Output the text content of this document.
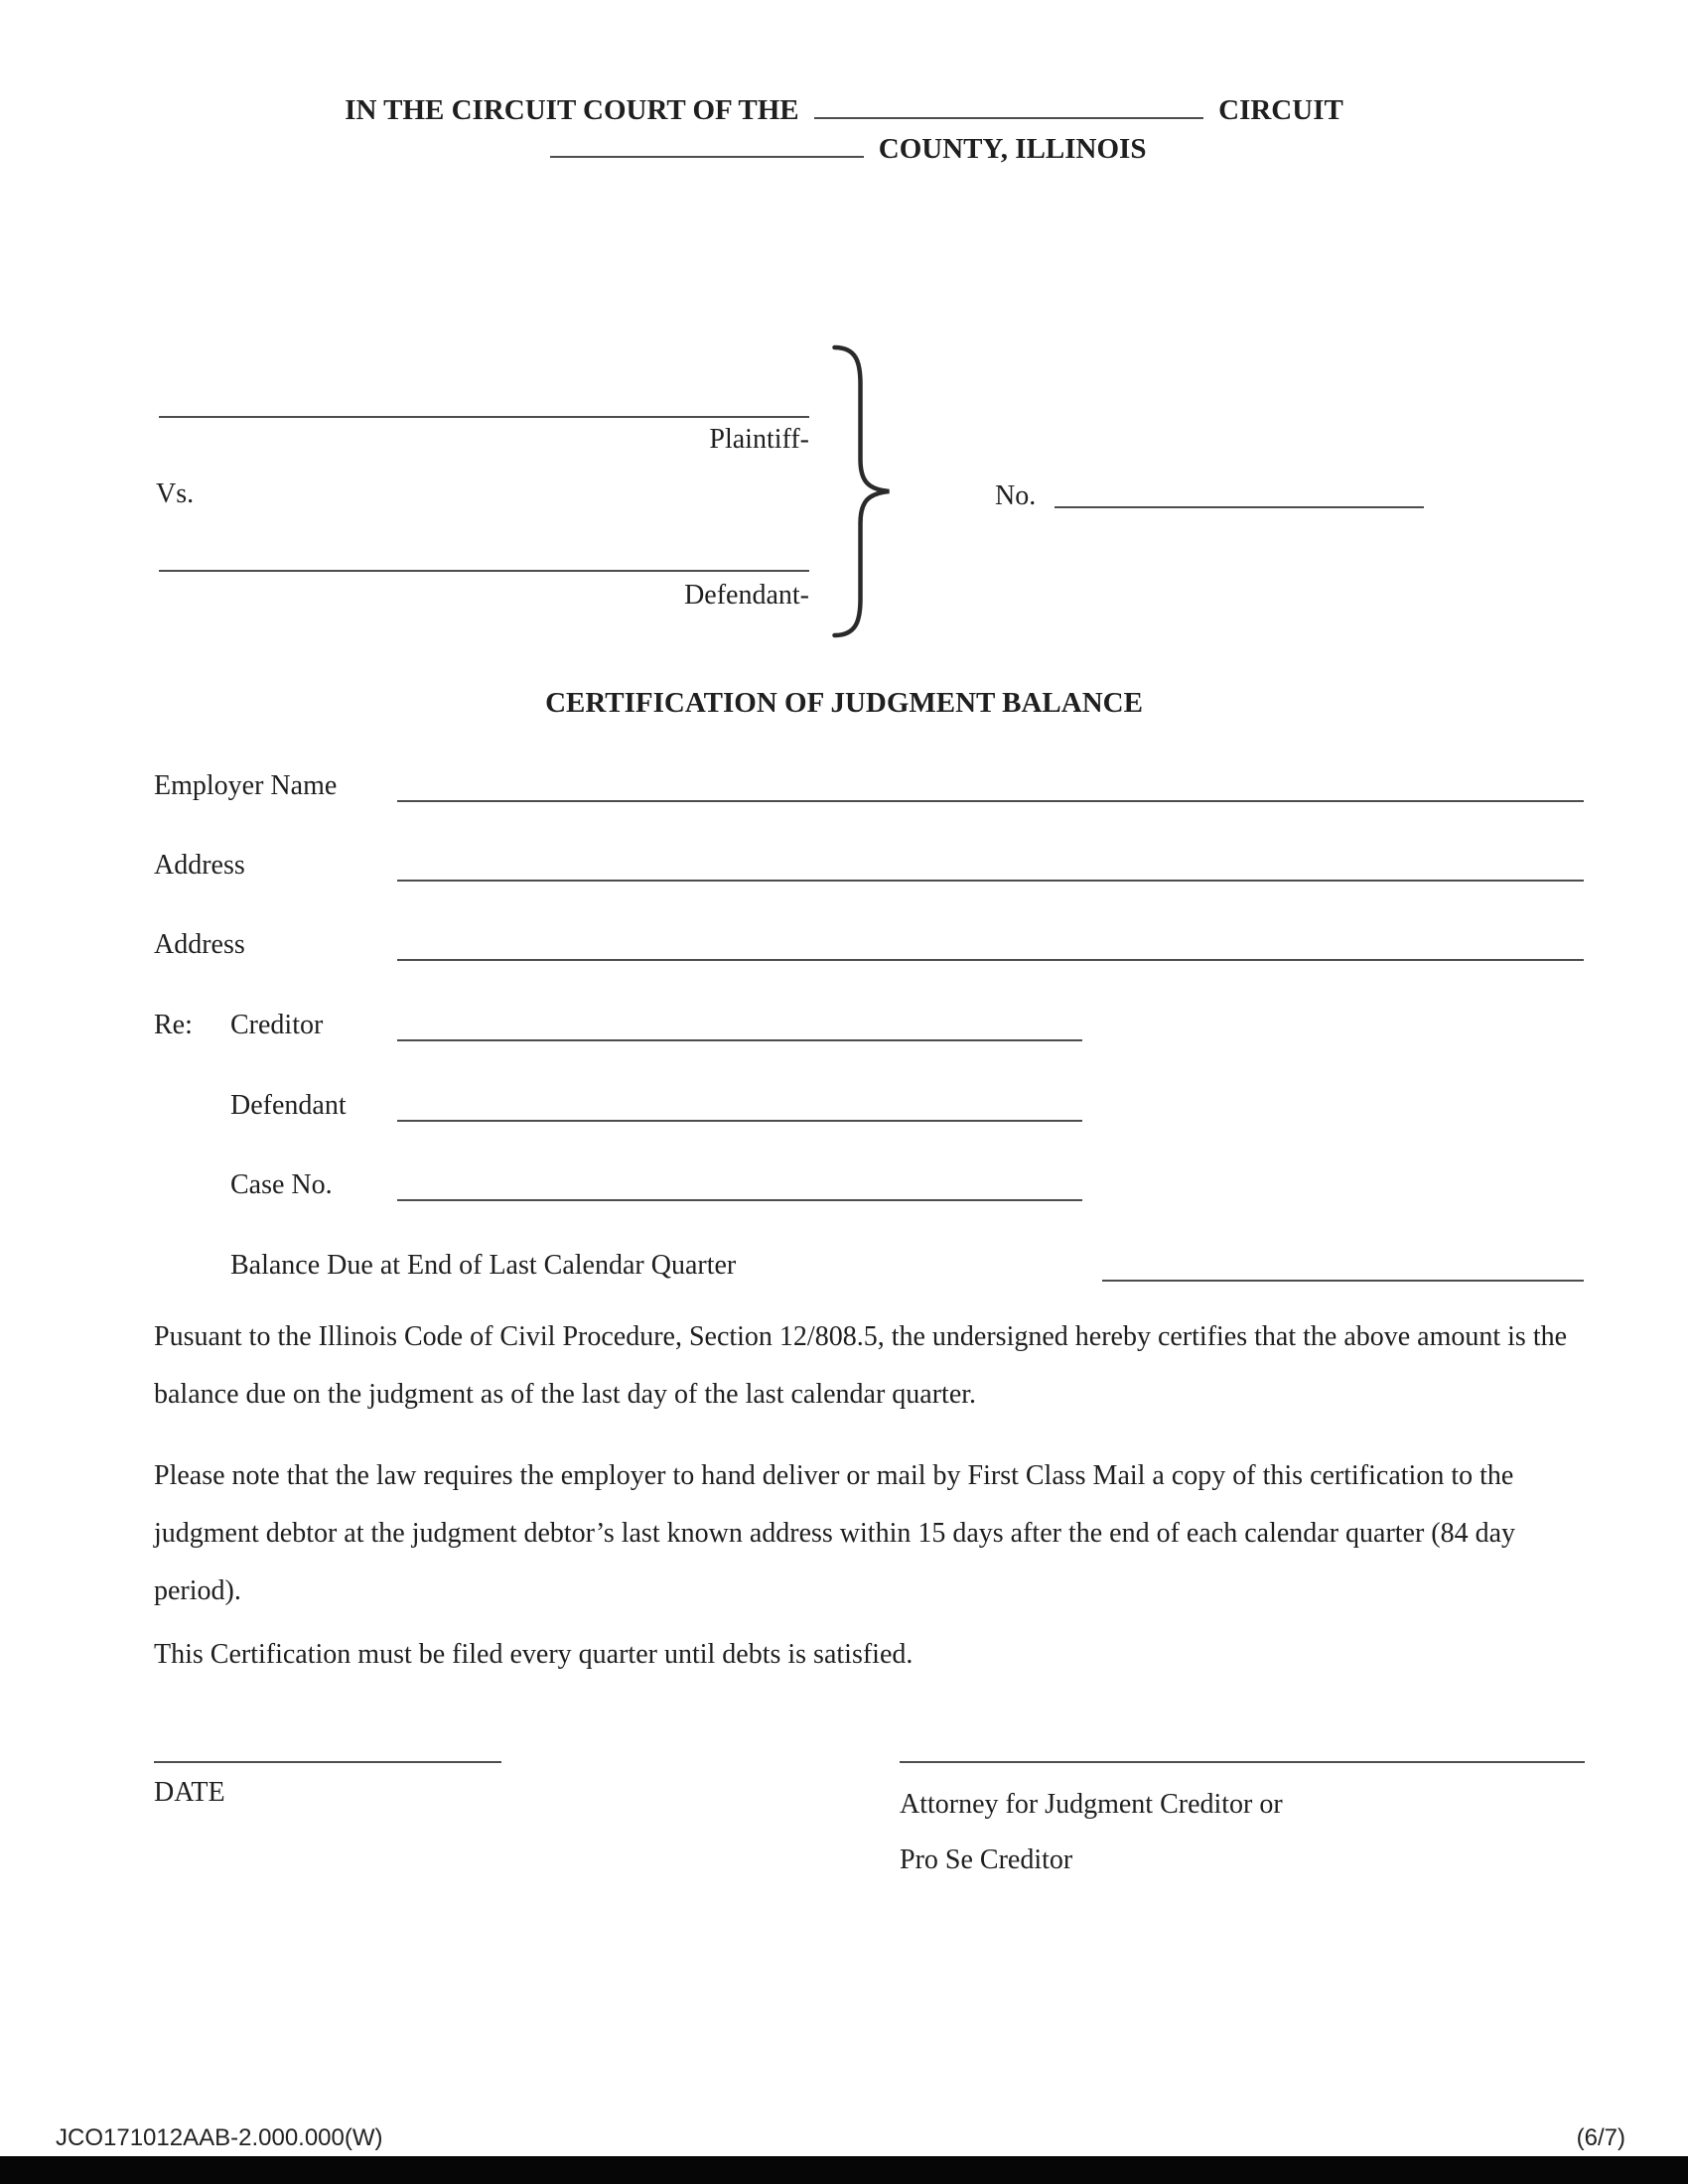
IN THE CIRCUIT COURT OF THE	CIRCUIT
COUNTY, ILLINOIS
Plaintiff-
Vs.
Defendant-
No.
CERTIFICATION OF JUDGMENT BALANCE
Employer Name
Address
Address
Re: Creditor
Defendant
Case No.
Balance Due at End of Last Calendar Quarter
Pusuant to the Illinois Code of Civil Procedure, Section 12/808.5, the undersigned hereby certifies that the above amount is the balance due on the judgment as of the last day of the last calendar quarter.
Please note that the law requires the employer to hand deliver or mail by First Class Mail a copy of this certification to the judgment debtor at the judgment debtor’s last known address within 15 days after the end of each calendar quarter (84 day period).
This Certification must be filed every quarter until debts is satisfied.
DATE	Attorney for Judgment Creditor or
Pro Se Creditor
JCO171012AAB-2.000.000(W)	(6/7)
